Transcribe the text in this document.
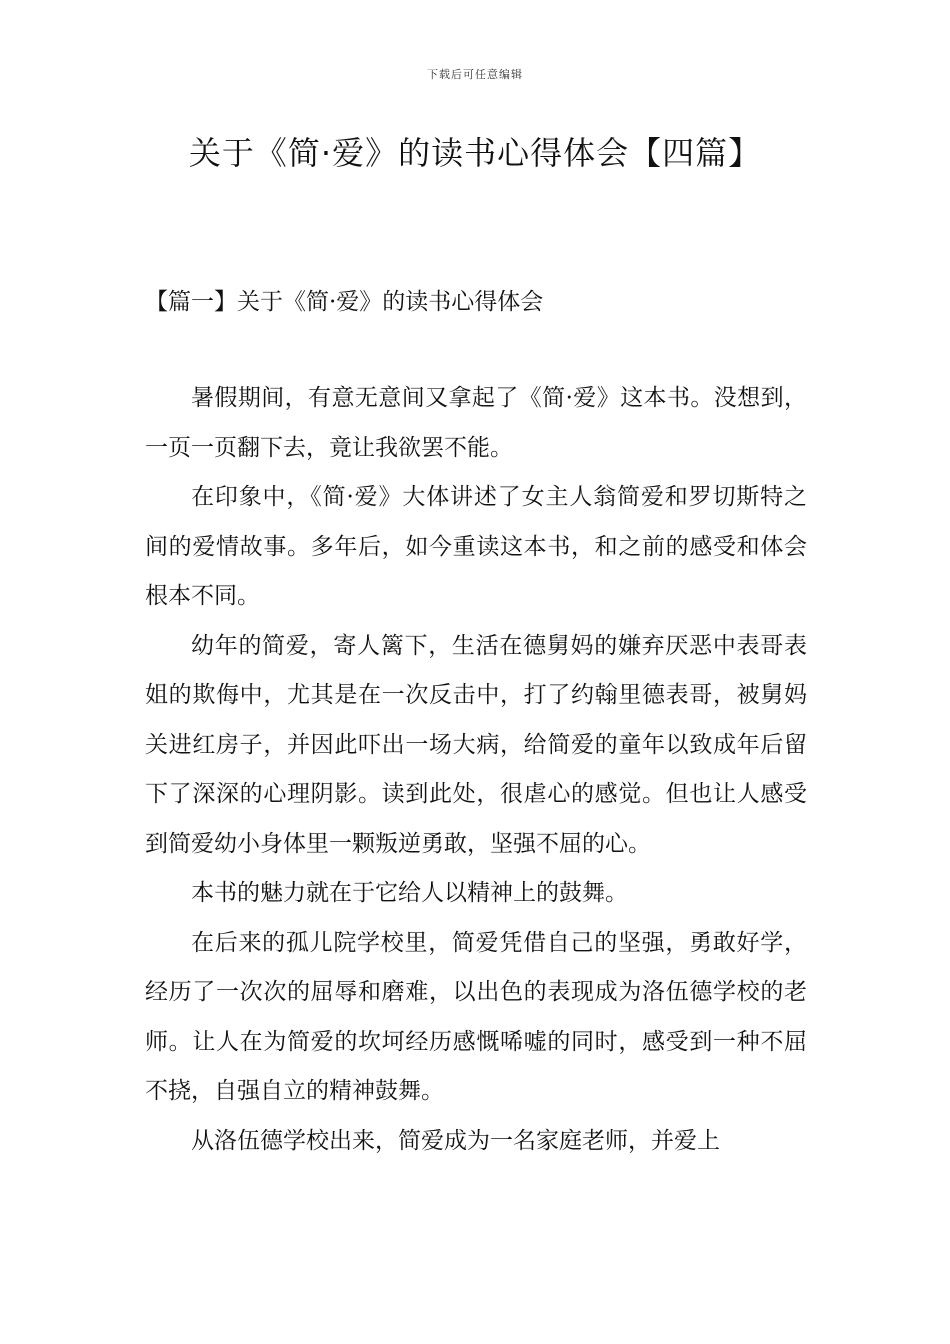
下载后可任意编辑
关于《简·爱》的读书心得体会【四篇】
【篇一】关于《简·爱》的读书心得体会

暑假期间，有意无意间又拿起了《简·爱》这本书。没想到，一页一页翻下去，竟让我欲罢不能。

在印象中，《简·爱》大体讲述了女主人翁简爱和罗切斯特之间的爱情故事。多年后，如今重读这本书，和之前的感受和体会根本不同。

幼年的简爱，寄人篱下，生活在德舅妈的嫌弃厌恶中表哥表姐的欺侮中，尤其是在一次反击中，打了约翰里德表哥，被舅妈关进红房子，并因此吓出一场大病，给简爱的童年以致成年后留下了深深的心理阴影。读到此处，很虐心的感觉。但也让人感受到简爱幼小身体里一颗叛逆勇敢，坚强不屈的心。

本书的魅力就在于它给人以精神上的鼓舞。

在后来的孤儿院学校里，简爱凭借自己的坚强，勇敢好学，经历了一次次的屈辱和磨难，以出色的表现成为洛伍德学校的老师。让人在为简爱的坎坷经历感慨唏嘘的同时，感受到一种不屈不挠，自强自立的精神鼓舞。

从洛伍德学校出来，简爱成为一名家庭老师，并爱上
